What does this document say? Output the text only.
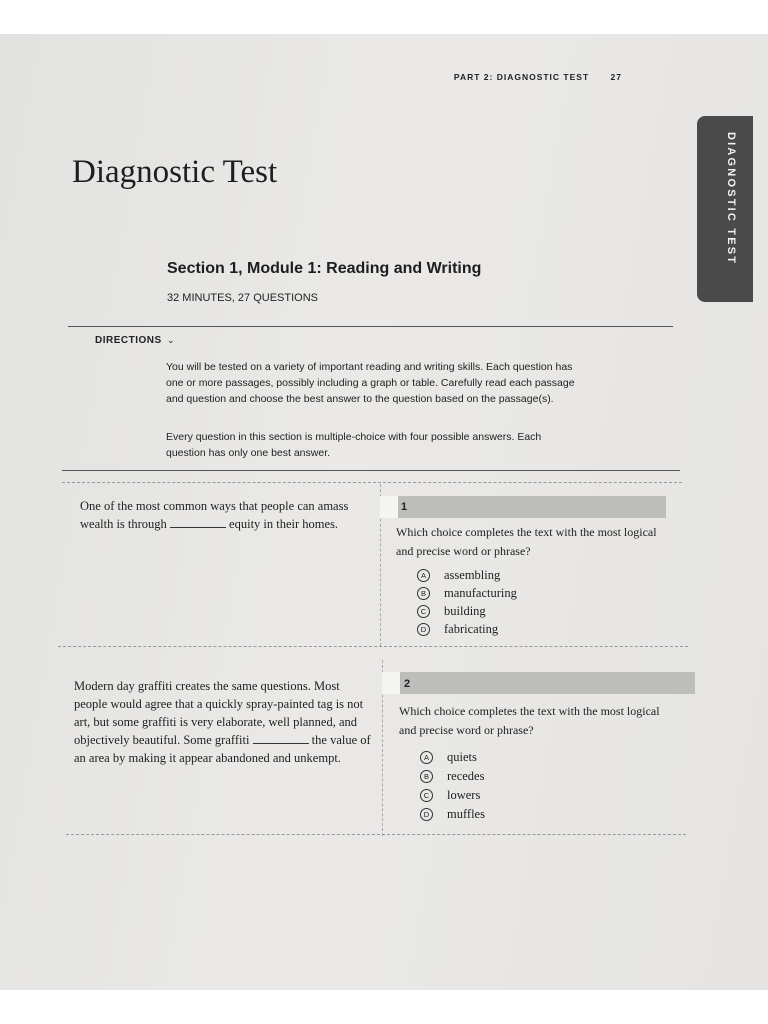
PART 2: DIAGNOSTIC TEST	27
DIAGNOSTIC TEST
Diagnostic Test
Section 1, Module 1: Reading and Writing
32 MINUTES, 27 QUESTIONS
DIRECTIONS ⌄
You will be tested on a variety of important reading and writing skills. Each question has one or more passages, possibly including a graph or table. Carefully read each passage and question and choose the best answer to the question based on the passage(s).
Every question in this section is multiple-choice with four possible answers. Each question has only one best answer.
One of the most common ways that people can amass wealth is through	equity in their homes.
1
Which choice completes the text with the most logical and precise word or phrase?
A assembling
B manufacturing
C building
D fabricating
Modern day graffiti creates the same questions. Most people would agree that a quickly spray-painted tag is not art, but some graffiti is very elaborate, well planned, and objectively beautiful. Some graffiti	the value of an area by making it appear abandoned and unkempt.
2
Which choice completes the text with the most logical and precise word or phrase?
A quiets
B recedes
C lowers
D muffles
